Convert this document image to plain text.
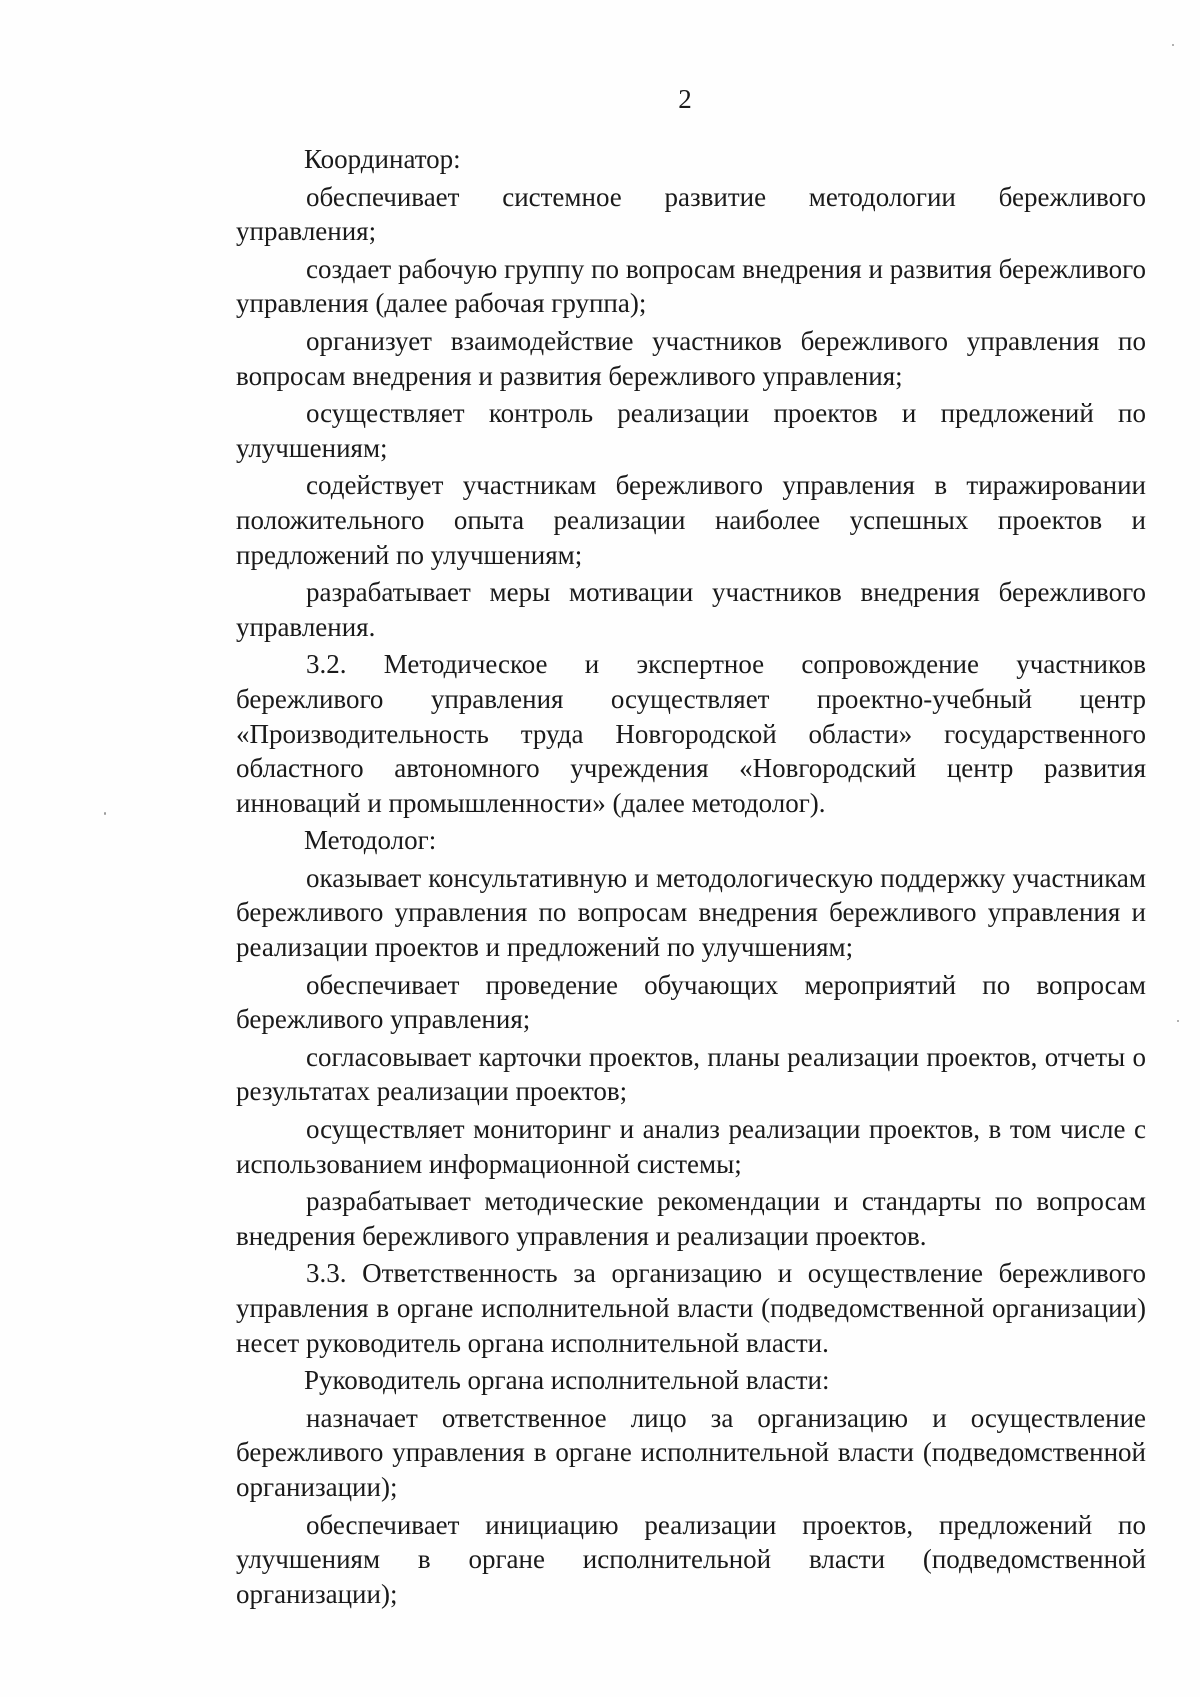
2

Координатор:

обеспечивает системное развитие методологии бережливого управления;

создает рабочую группу по вопросам внедрения и развития бережливого управления (далее рабочая группа);

организует взаимодействие участников бережливого управления по вопросам внедрения и развития бережливого управления;

осуществляет контроль реализации проектов и предложений по улучшениям;

содействует участникам бережливого управления в тиражировании положительного опыта реализации наиболее успешных проектов и предложений по улучшениям;

разрабатывает меры мотивации участников внедрения бережливого управления.

3.2. Методическое и экспертное сопровождение участников бережливого управления осуществляет проектно-учебный центр «Производительность труда Новгородской области» государственного областного автономного учреждения «Новгородский центр развития инноваций и промышленности» (далее методолог).

Методолог:

оказывает консультативную и методологическую поддержку участникам бережливого управления по вопросам внедрения бережливого управления и реализации проектов и предложений по улучшениям;

обеспечивает проведение обучающих мероприятий по вопросам бережливого управления;

согласовывает карточки проектов, планы реализации проектов, отчеты о результатах реализации проектов;

осуществляет мониторинг и анализ реализации проектов, в том числе с использованием информационной системы;

разрабатывает методические рекомендации и стандарты по вопросам внедрения бережливого управления и реализации проектов.

3.3. Ответственность за организацию и осуществление бережливого управления в органе исполнительной власти (подведомственной организации) несет руководитель органа исполнительной власти.

Руководитель органа исполнительной власти:

назначает ответственное лицо за организацию и осуществление бережливого управления в органе исполнительной власти (подведомственной организации);

обеспечивает инициацию реализации проектов, предложений по улучшениям в органе исполнительной власти (подведомственной организации);
